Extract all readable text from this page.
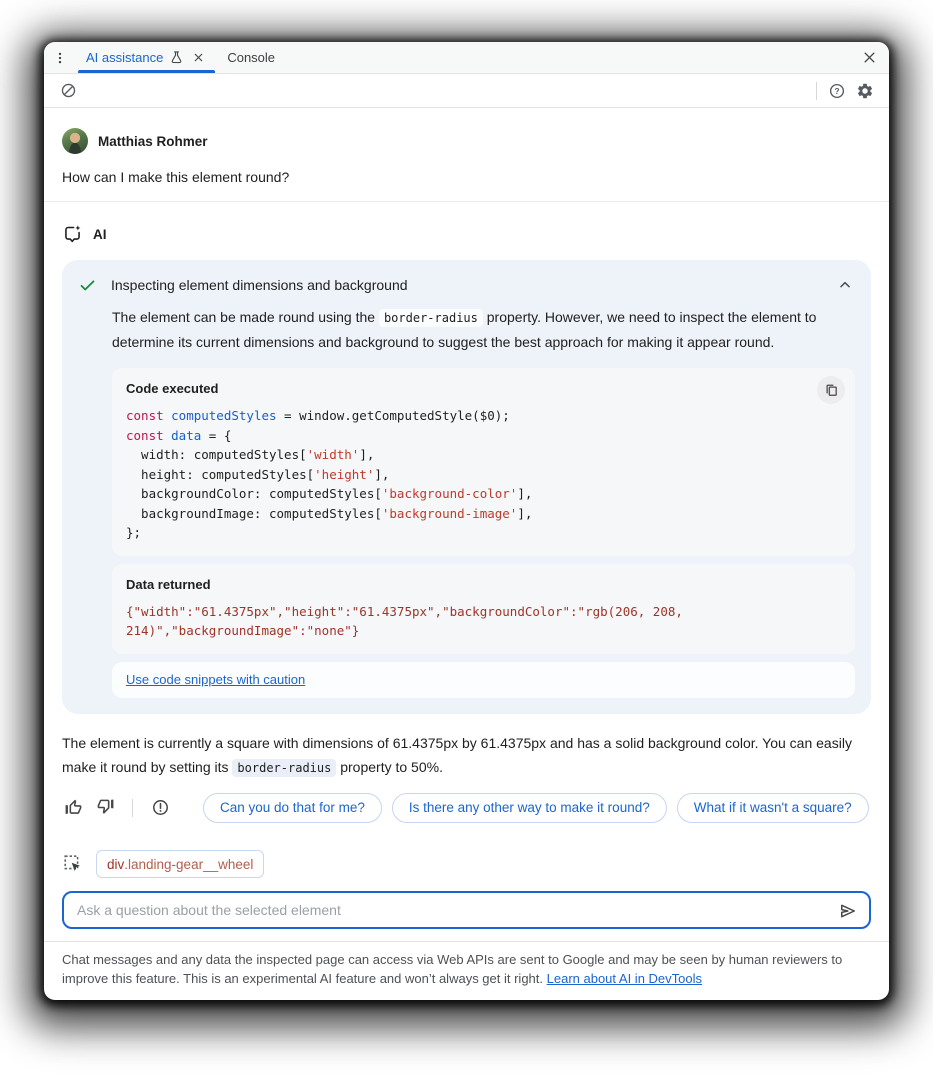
AI assistance	Console
?
Matthias Rohmer
How can I make this element round?
AI
Inspecting element dimensions and background
The element can be made round using the border-radius property. However, we need to inspect the element to determine its current dimensions and background to suggest the best approach for making it appear round.
Code executed
const computedStyles = window.getComputedStyle($0);
const data = {
width: computedStyles['width'],
height: computedStyles['height'],
backgroundColor: computedStyles['background-color'],
backgroundImage: computedStyles['background-image'],
};
Data returned
{"width":"61.4375px","height":"61.4375px","backgroundColor":"rgb(206, 208,
214)","backgroundImage":"none"}
Use code snippets with caution
The element is currently a square with dimensions of 61.4375px by 61.4375px and has a solid background color. You can easily make it round by setting its border-radius property to 50%.
Can you do that for me?	Is there any other way to make it round?	What if it wasn't a square?
div .landing-gear__wheel
Ask a question about the selected element
Chat messages and any data the inspected page can access via Web APIs are sent to Google and may be seen by human reviewers to improve this feature. This is an experimental AI feature and won’t always get it right. Learn about AI in DevTools
